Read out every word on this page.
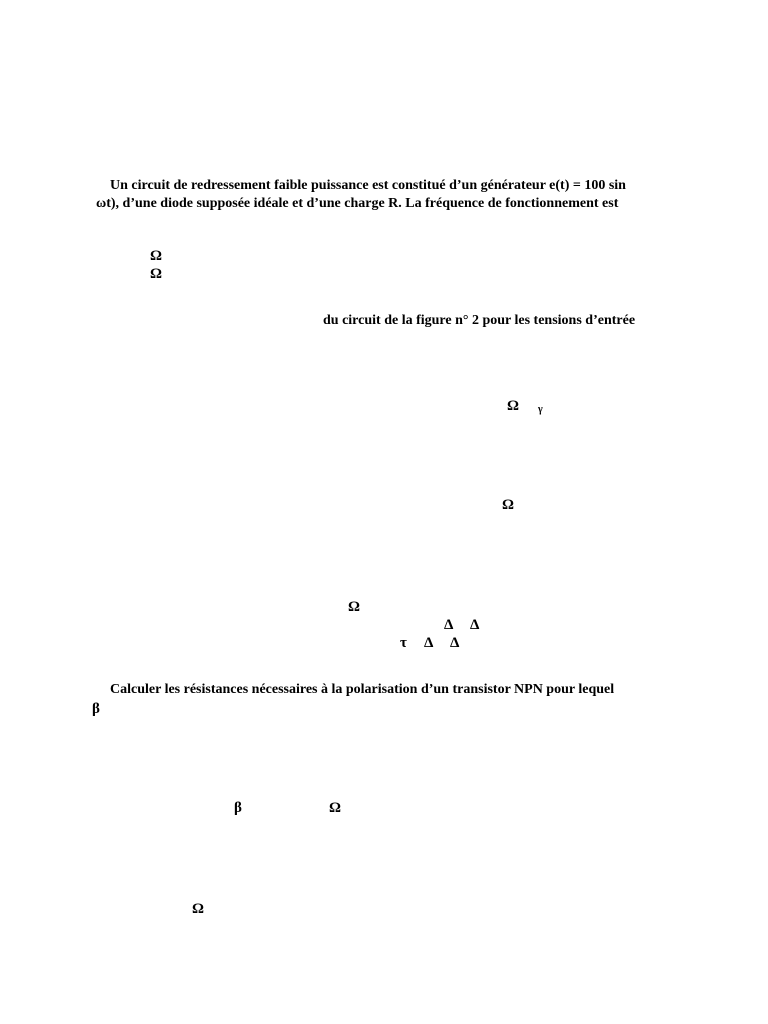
Un circuit de redressement faible puissance est constitué d’un générateur e(t) = 100 sin
ωt), d’une diode supposée idéale et d’une charge R. La fréquence de fonctionnement est
Ω
Ω
du circuit de la figure n° 2 pour les tensions d’entrée
Ω γ
Ω
Ω
Δ Δ
τ Δ Δ
Calculer les résistances nécessaires à la polarisation d’un transistor NPN pour lequel
β
β	Ω
Ω
